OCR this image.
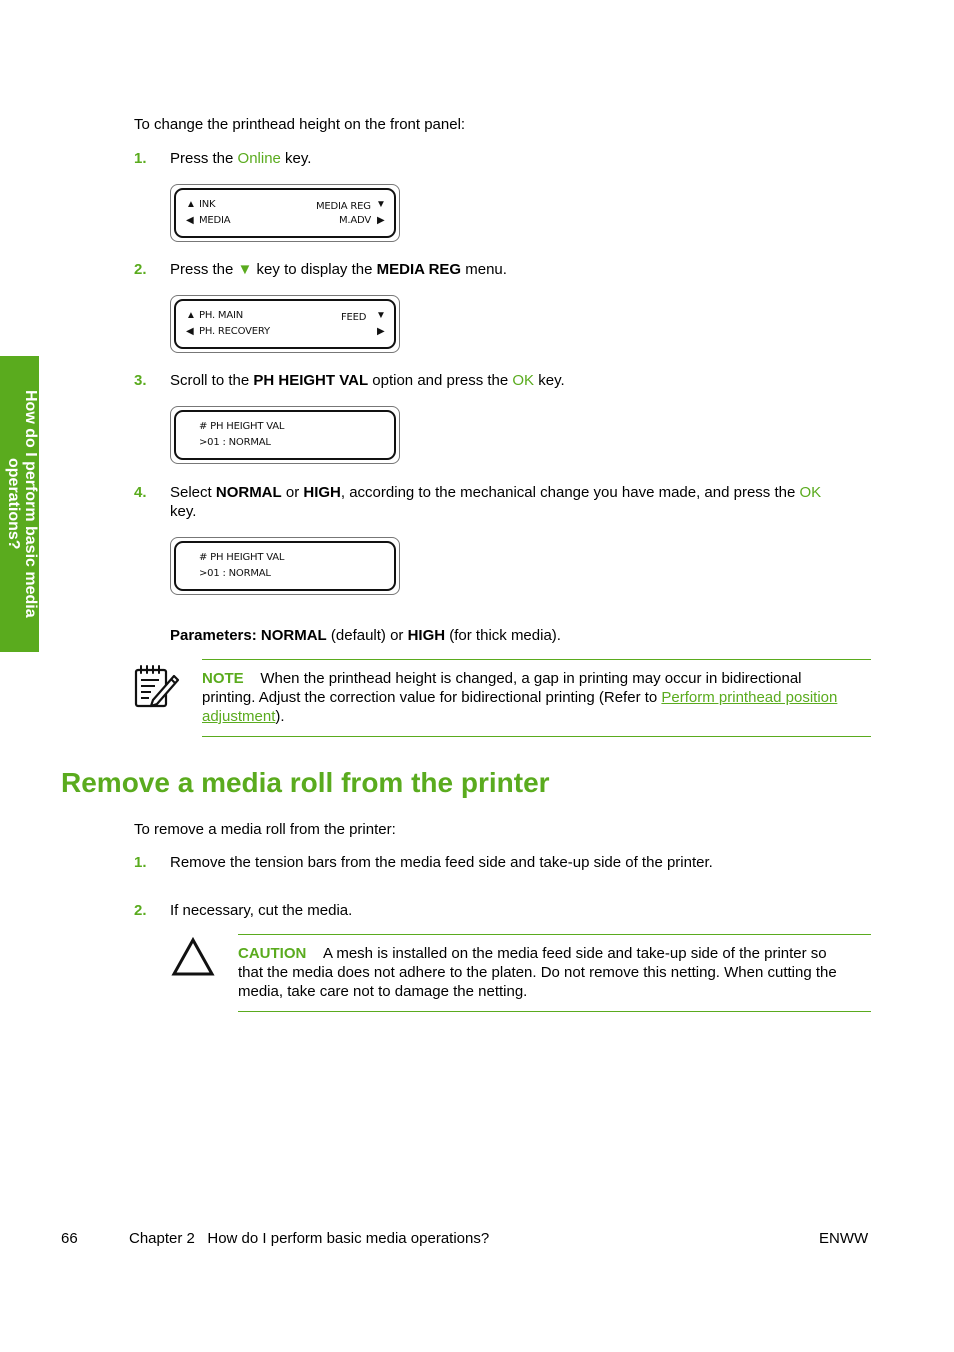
How do I perform basic media operations?
To change the printhead height on the front panel:
1. Press the Online key.
▲ INK
◀ MEDIA
MEDIA REG ▼
M.ADV ▶
2. Press the ▼ key to display the MEDIA REG menu.
▲ PH. MAIN
◀ PH. RECOVERY
FEED ▼
▶
3. Scroll to the PH HEIGHT VAL option and press the OK key.
# PH HEIGHT VAL
>01 : NORMAL
4. Select NORMAL or HIGH, according to the mechanical change you have made, and press the OK
key.
# PH HEIGHT VAL
>01 : NORMAL
Parameters: NORMAL (default) or HIGH (for thick media).
NOTE When the printhead height is changed, a gap in printing may occur in bidirectional
printing. Adjust the correction value for bidirectional printing (Refer to Perform printhead position
adjustment).
Remove a media roll from the printer
To remove a media roll from the printer:
1. Remove the tension bars from the media feed side and take-up side of the printer.
2. If necessary, cut the media.
CAUTION A mesh is installed on the media feed side and take-up side of the printer so
that the media does not adhere to the platen. Do not remove this netting. When cutting the
media, take care not to damage the netting.
66	Chapter 2   How do I perform basic media operations?	ENWW
